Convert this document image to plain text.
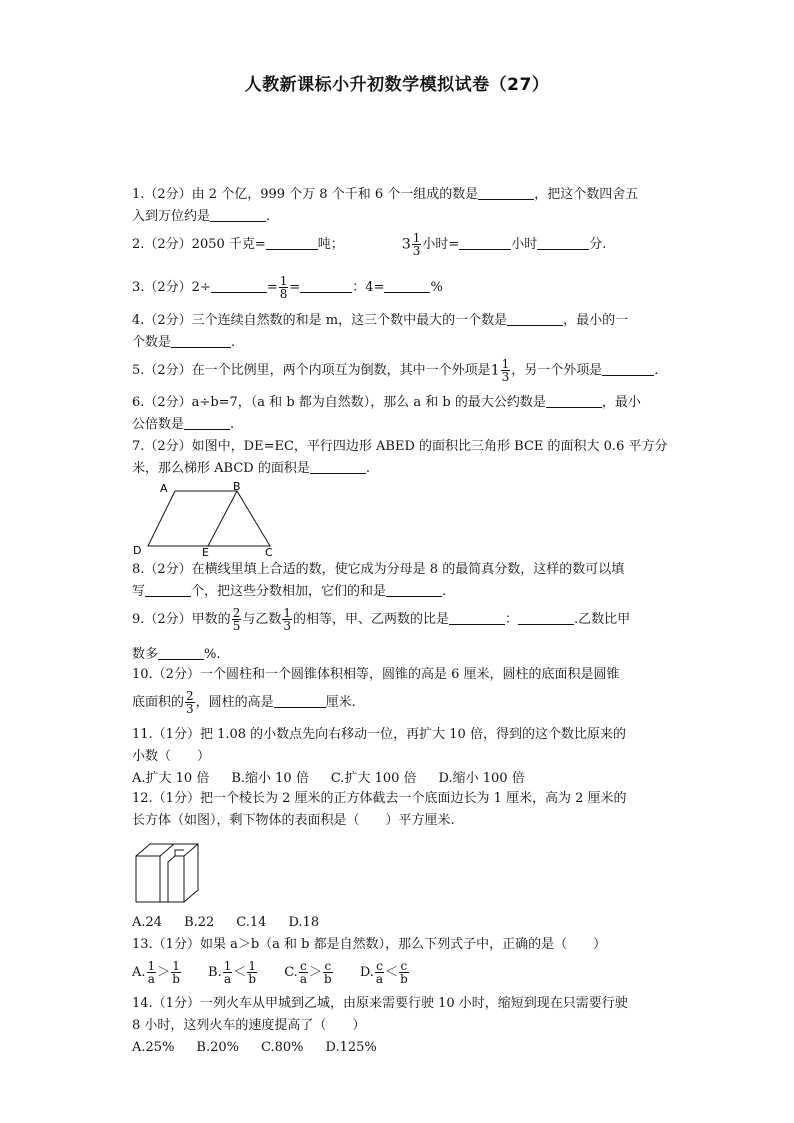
人教新课标小升初数学模拟试卷（27）
1.（2分）由 2 个亿，999 个万 8 个千和 6 个一组成的数是	，把这个数四舍五
入到万位约是	.
2.（2分）2050 千克=	吨；	$3 \frac{1}{3}$ 小时=	小时	分.
3.（2分）2÷	= $\frac{1}{8}$ =	：4=	%
4.（2分）三个连续自然数的和是 m，这三个数中最大的一个数是	，最小的一
个数是	.
5.（2分）在一个比例里，两个内项互为倒数，其中一个外项是$1 \frac{1}{3}$ ，另一个外项是	.
6.（2分）a÷b=7，（a 和 b 都为自然数），那么 a 和 b 的最大公约数是	，最小
公倍数是	.
7.（2分）如图中，DE=EC，平行四边形 ABED 的面积比三角形 BCE 的面积大 0.6 平方分
米，那么梯形 ABCD 的面积是	.
A	B
D	E	C
8.（2分）在横线里填上合适的数，使它成为分母是 8 的最简真分数，这样的数可以填
写	个，把这些分数相加，它们的和是	.
9.（2分）甲数的 $\frac{2}{5}$ 与乙数 $\frac{1}{3}$ 的相等，甲、乙两数的比是	：	.乙数比甲
数多	%.
10.（2分）一个圆柱和一个圆锥体积相等，圆锥的高是 6 厘米，圆柱的底面积是圆锥
底面积的 $\frac{2}{3}$ ，圆柱的高是	厘米.
11.（1分）把 1.08 的小数点先向右移动一位，再扩大 10 倍，得到的这个数比原来的
小数（　　）
A.扩大 10 倍 B.缩小 10 倍 C.扩大 100 倍 D.缩小 100 倍
12.（1分）把一个棱长为 2 厘米的正方体截去一个底面边长为 1 厘米，高为 2 厘米的
长方体（如图），剩下物体的表面积是（　　）平方厘米.
A.24 B.22 C.14 D.18
13.（1分）如果 a＞b（a 和 b 都是自然数），那么下列式子中，正确的是（　　）
A. $\frac{1}{a} > \frac{1}{b} B$. $\frac{1}{a} < \frac{1}{b} C$. $\frac{c}{a} > \frac{c}{b} D$. $\frac{c}{a} < \frac{c}{b}$
14.（1分）一列火车从甲城到乙城，由原来需要行驶 10 小时，缩短到现在只需要行驶
8 小时，这列火车的速度提高了（　　）
A.25% B.20% C.80% D.125%
